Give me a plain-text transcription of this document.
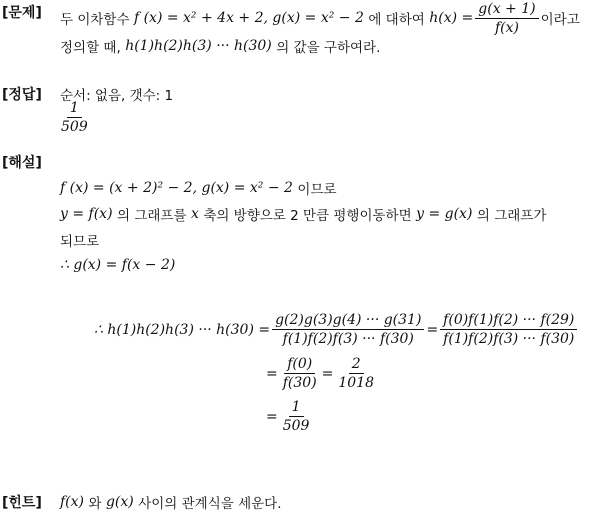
[문제] 두 이차함수
f (x) = x² + 4x + 2, g(x) = x² − 2
에 대하여
$h(x) = \frac{g(x + 1)}{f(x)}$ 이라고
정의할 때,
h(1)h(2)h(3) ··· h(30)
의 값을 구하여라.
[정답] 순서: 없음, 갯수: 1
$\frac{1}{509}$
[해설]
f (x) = (x + 2)² − 2, g(x) = x² − 2
이므로
y = f(x)
의 그래프를
x
축의 방향으로 2 만큼 평행이동하면
y = g(x)
의 그래프가
되므로
∴ g(x) = f(x − 2)
∴ h(1)h(2)h(3) ··· $h(30) = \frac{g(2)g(3)g(4) \cdot\cdot\cdot g(31)}{f(1)f(2)f(3) \cdot\cdot\cdot f(30)} = \frac{f(0)f(1)f(2) \cdot\cdot\cdot f(29)}{f(1)f(2)f(3) \cdot\cdot\cdot f(30)}$
= $\frac{f(0)}{f(30)} = \frac{2}{1018}$
= $\frac{1}{509}$
[힌트] f(x)
와
g(x)
사이의 관계식을 세운다.
